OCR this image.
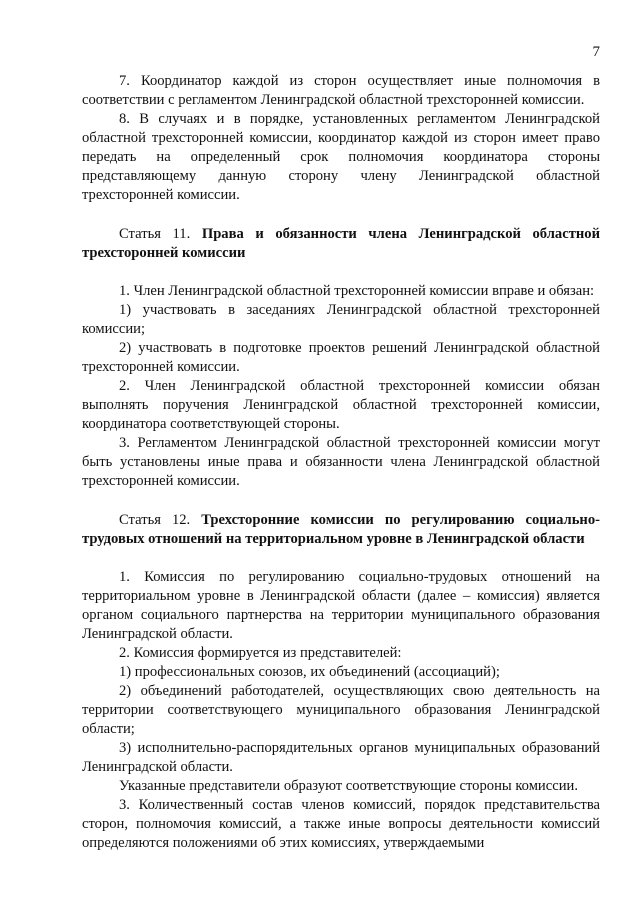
7

7. Координатор каждой из сторон осуществляет иные полномочия в соответствии с регламентом Ленинградской областной трехсторонней комиссии.

8. В случаях и в порядке, установленных регламентом Ленинградской областной трехсторонней комиссии, координатор каждой из сторон имеет право передать на определенный срок полномочия координатора стороны представляющему данную сторону члену Ленинградской областной трехсторонней комиссии.

Статья 11. Права и обязанности члена Ленинградской областной трехсторонней комиссии

1. Член Ленинградской областной трехсторонней комиссии вправе и обязан:

1) участвовать в заседаниях Ленинградской областной трехсторонней комиссии;

2) участвовать в подготовке проектов решений Ленинградской областной трехсторонней комиссии.

2. Член Ленинградской областной трехсторонней комиссии обязан выполнять поручения Ленинградской областной трехсторонней комиссии, координатора соответствующей стороны.

3. Регламентом Ленинградской областной трехсторонней комиссии могут быть установлены иные права и обязанности члена Ленинградской областной трехсторонней комиссии.

Статья 12. Трехсторонние комиссии по регулированию социально-трудовых отношений на территориальном уровне в Ленинградской области

1. Комиссия по регулированию социально-трудовых отношений на территориальном уровне в Ленинградской области (далее – комиссия) является органом социального партнерства на территории муниципального образования Ленинградской области.

2. Комиссия формируется из представителей:

1) профессиональных союзов, их объединений (ассоциаций);

2) объединений работодателей, осуществляющих свою деятельность на территории соответствующего муниципального образования Ленинградской области;

3) исполнительно-распорядительных органов муниципальных образований Ленинградской области.

Указанные представители образуют соответствующие стороны комиссии.

3. Количественный состав членов комиссий, порядок представительства сторон, полномочия комиссий, а также иные вопросы деятельности комиссий определяются положениями об этих комиссиях, утверждаемыми
